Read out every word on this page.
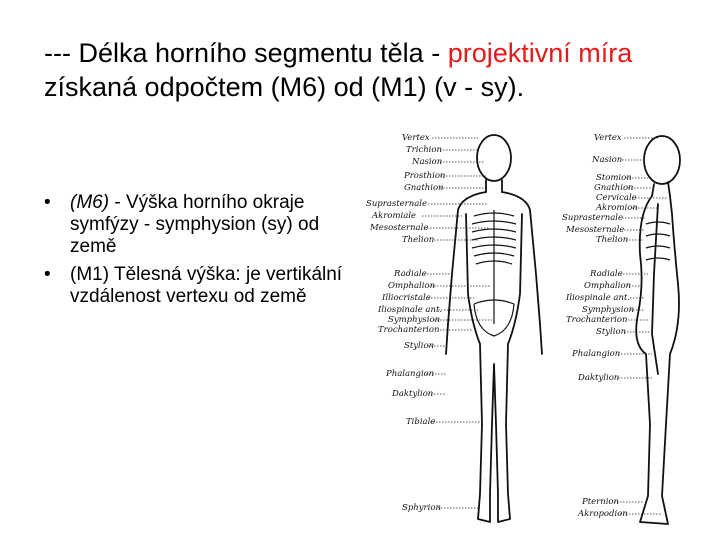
--- Délka horního segmentu těla - projektivní míra získaná odpočtem (M6) od (M1) (v - sy).
• (M6) - Výška horního okraje symfýzy - symphysion (sy) od země
• (M1) Tělesná výška: je vertikální vzdálenost vertexu od země
Vertex
Trichion
Nasion
Prosthion
Gnathion
Suprasternale
Akromiale
Mesosternale
Thelion
Radiale
Omphalion
Illiocristale
Iliospinale ant.
Symphysion
Trochanterion
Stylion
Phalangion
Daktylion
Tibiale
Sphyrion
Vertex
Nasion
Stomion
Gnathion
Cervicale
Akromion
Suprasternale
Mesosternale
Thelion
Radiale
Omphalion
Iliospinale ant.
Symphysion
Trochanterion
Stylion
Phalangion
Daktylion
Pternion
Akropodion
